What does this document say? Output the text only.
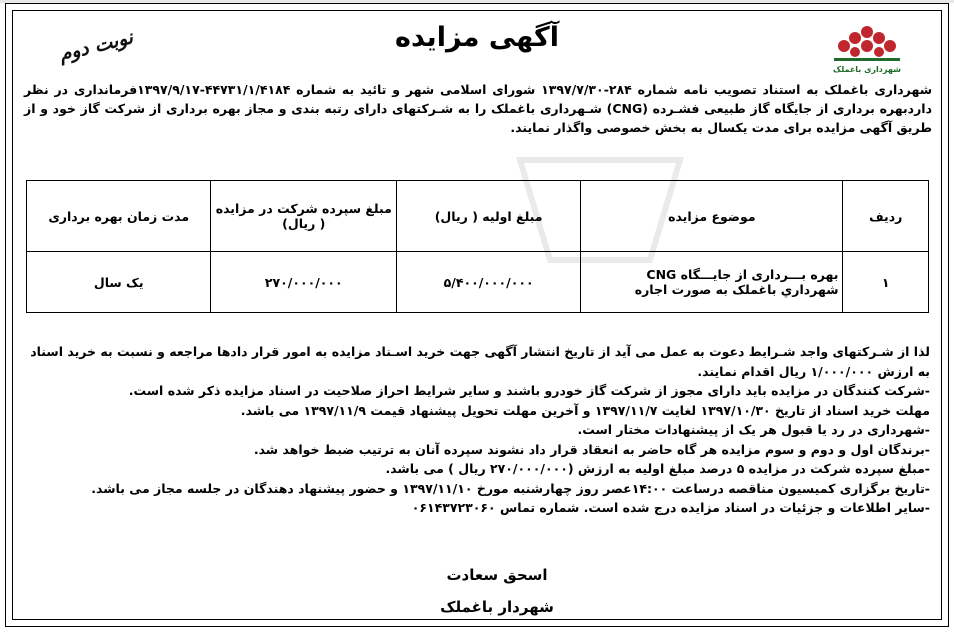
نوبت دوم	آگهی مزایده
شهرداری باغملک
شهرداری باغملک به استناد تصویب نامه شماره ۲۸۴-۱۳۹۷/۷/۳۰ شورای اسلامی شهر و تائید به شماره ۴۴۷۳۱/۱/۴۱۸۴-۱۳۹۷/۹/۱۷فرمانداری در نظر داردبهره برداری از جایگاه گاز طبیعی فشـرده (CNG) شـهرداری باغملک را به شـرکتهای دارای رتبه بندی و مجاز بهره برداری از شرکت گاز خود و از طریق آگهی مزایده برای مدت یکسال به بخش خصوصی واگذار نمایند.
ردیف	موضوع مزایده	مبلغ اولیه ( ریال)	مبلغ سپرده شرکت در مزایده ( ریال)	مدت زمان بهره برداری
۱	بهره بـــرداری از جایـــگاه CNG شهرداري باغملک به صورت اجاره	۵/۴۰۰/۰۰۰/۰۰۰	۲۷۰/۰۰۰/۰۰۰	یک سال

لذا از شـرکتهای واجد شـرایط دعوت به عمل می آید از تاریخ انتشار آگهی جهت خرید اسـناد مزایده به امور قرار دادها مراجعه و نسبت به خرید اسناد به ارزش ۱/۰۰۰/۰۰۰ ریال اقدام نمایند.

-شرکت کنندگان در مزایده باید دارای مجوز از شرکت گاز خودرو باشند و سایر شرایط احراز صلاحیت در اسناد مزایده ذکر شده است.

مهلت خرید اسناد از تاریخ ۱۳۹۷/۱۰/۳۰ لغایت ۱۳۹۷/۱۱/۷ و آخرین مهلت تحویل پیشنهاد قیمت ۱۳۹۷/۱۱/۹ می باشد.

-شهرداری در رد یا قبول هر یک از پیشنهادات مختار است.

-برندگان اول و دوم و سوم مزایده هر گاه حاضر به انعقاد قرار داد نشوند سپرده آنان به ترتیب ضبط خواهد شد.

-مبلغ سپرده شرکت در مزایده ۵ درصد مبلغ اولیه به ارزش (۲۷۰/۰۰۰/۰۰۰ ریال ) می باشد.

-تاریخ برگزاری کمیسیون مناقصه درساعت ۱۴:۰۰عصر روز چهارشنبه مورخ ۱۳۹۷/۱۱/۱۰ و حضور پیشنهاد دهندگان در جلسه مجاز می باشد.

-سایر اطلاعات و جزئیات در اسناد مزایده درج شده است. شماره تماس ۰۶۱۴۳۷۲۳۰۶۰

اسحق سعادت
شهردار باغملک
